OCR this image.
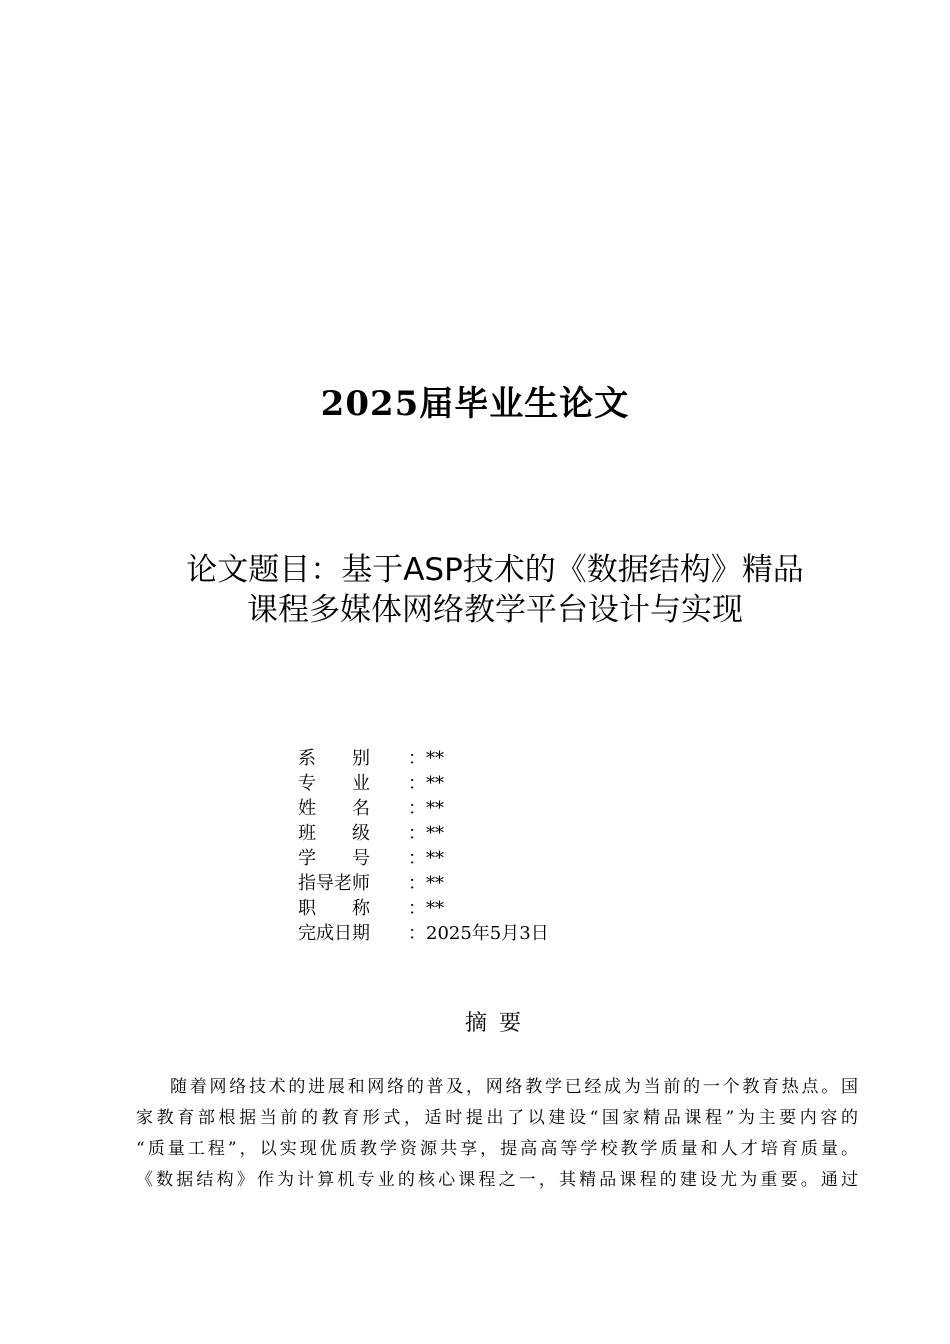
2025届毕业生论文
论文题目：基于ASP技术的《数据结构》精品
课程多媒体网络教学平台设计与实现
系　　别	： **
专　　业	： **
姓　　名	： **
班　　级	： **
学　　号	： **
指导老师	： **
职　　称	： **
完成日期	： 2025年5月3日
摘要
随着网络技术的进展和网络的普及，网络教学已经成为当前的一个教育热点。国
家教育部根据当前的教育形式，适时提出了以建设“国家精品课程”为主要内容的
“质量工程”，以实现优质教学资源共享，提高高等学校教学质量和人才培育质量。
《数据结构》作为计算机专业的核心课程之一，其精品课程的建设尤为重要。通过
